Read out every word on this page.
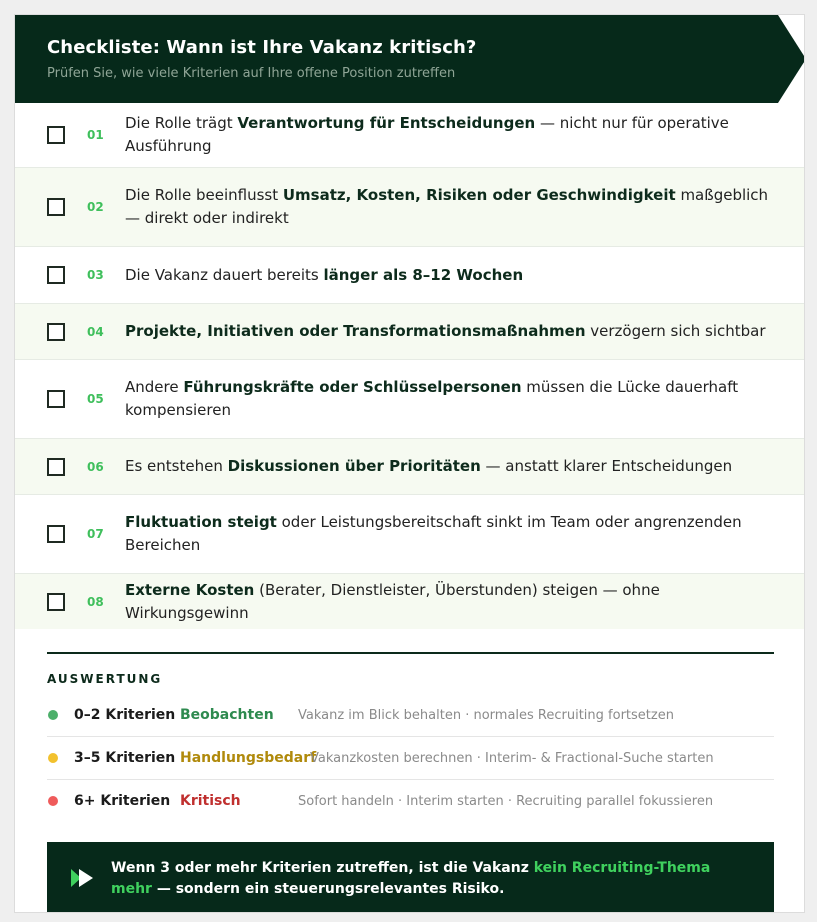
Checkliste: Wann ist Ihre Vakanz kritisch?
Prüfen Sie, wie viele Kriterien auf Ihre offene Position zutreffen
01
Die Rolle trägt Verantwortung für Entscheidungen — nicht nur für operative Ausführung
02
Die Rolle beeinflusst Umsatz, Kosten, Risiken oder Geschwindigkeit maßgeblich — direkt oder indirekt
03 Die Vakanz dauert bereits länger als 8–12 Wochen
04 Projekte, Initiativen oder Transformationsmaßnahmen verzögern sich sichtbar
05
Andere Führungskräfte oder Schlüsselpersonen müssen die Lücke dauerhaft kompensieren
06 Es entstehen Diskussionen über Prioritäten — anstatt klarer Entscheidungen
07
Fluktuation steigt oder Leistungsbereitschaft sinkt im Team oder angrenzenden Bereichen
08
Externe Kosten (Berater, Dienstleister, Überstunden) steigen — ohne Wirkungsgewinn
AUSWERTUNG
0–2 Kriterien Beobachten Vakanz im Blick behalten · normales Recruiting fortsetzen
3–5 Kriterien Handlungsbedarf
Vakanzkosten berechnen · Interim- & Fractional-Suche starten
6+ Kriterien Kritisch	Sofort handeln · Interim starten · Recruiting parallel fokussieren
Wenn 3 oder mehr Kriterien zutreffen, ist die Vakanz kein Recruiting-Thema mehr — sondern ein steuerungsrelevantes Risiko.
